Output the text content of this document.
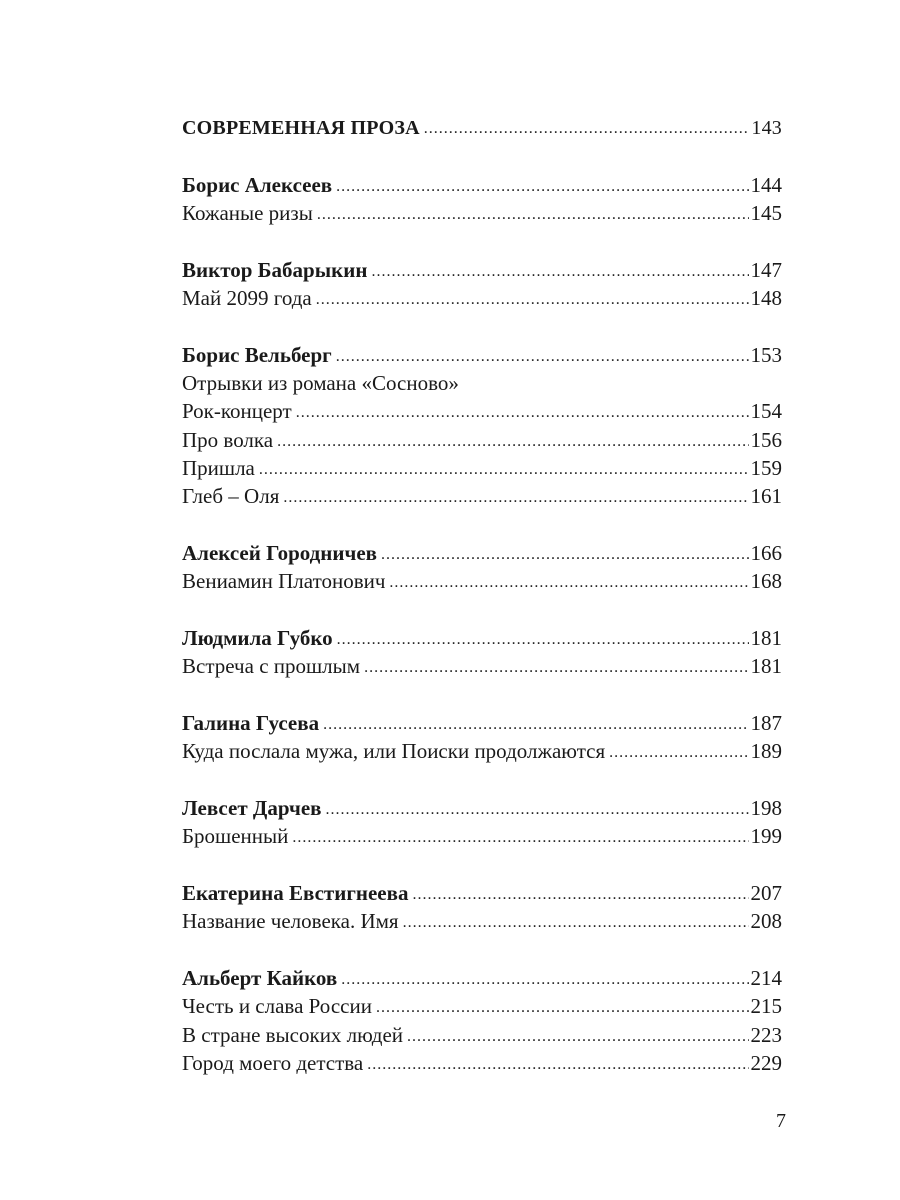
СОВРЕМЕННАЯ ПРОЗА .....	143
Борис Алексеев .....	144
Кожаные ризы .....	145
Виктор Бабарыкин .....	147
Май 2099 года .....	148
Борис Вельберг .....	153
Отрывки из романа «Сосново»
Рок-концерт .....	154
Про волка .....	156
Пришла .....	159
Глеб – Оля .....	161
Алексей Городничев .....	166
Вениамин Платонович .....	168
Людмила Губко .....	181
Встреча с прошлым .....	181
Галина Гусева .....	187
Куда послала мужа, или Поиски продолжаются .....	189
Левсет Дарчев .....	198
Брошенный .....	199
Екатерина Евстигнеева .....	207
Название человека. Имя .....	208
Альберт Кайков .....	214
Честь и слава России .....	215
В стране высоких людей .....	223
Город моего детства .....	229
7
